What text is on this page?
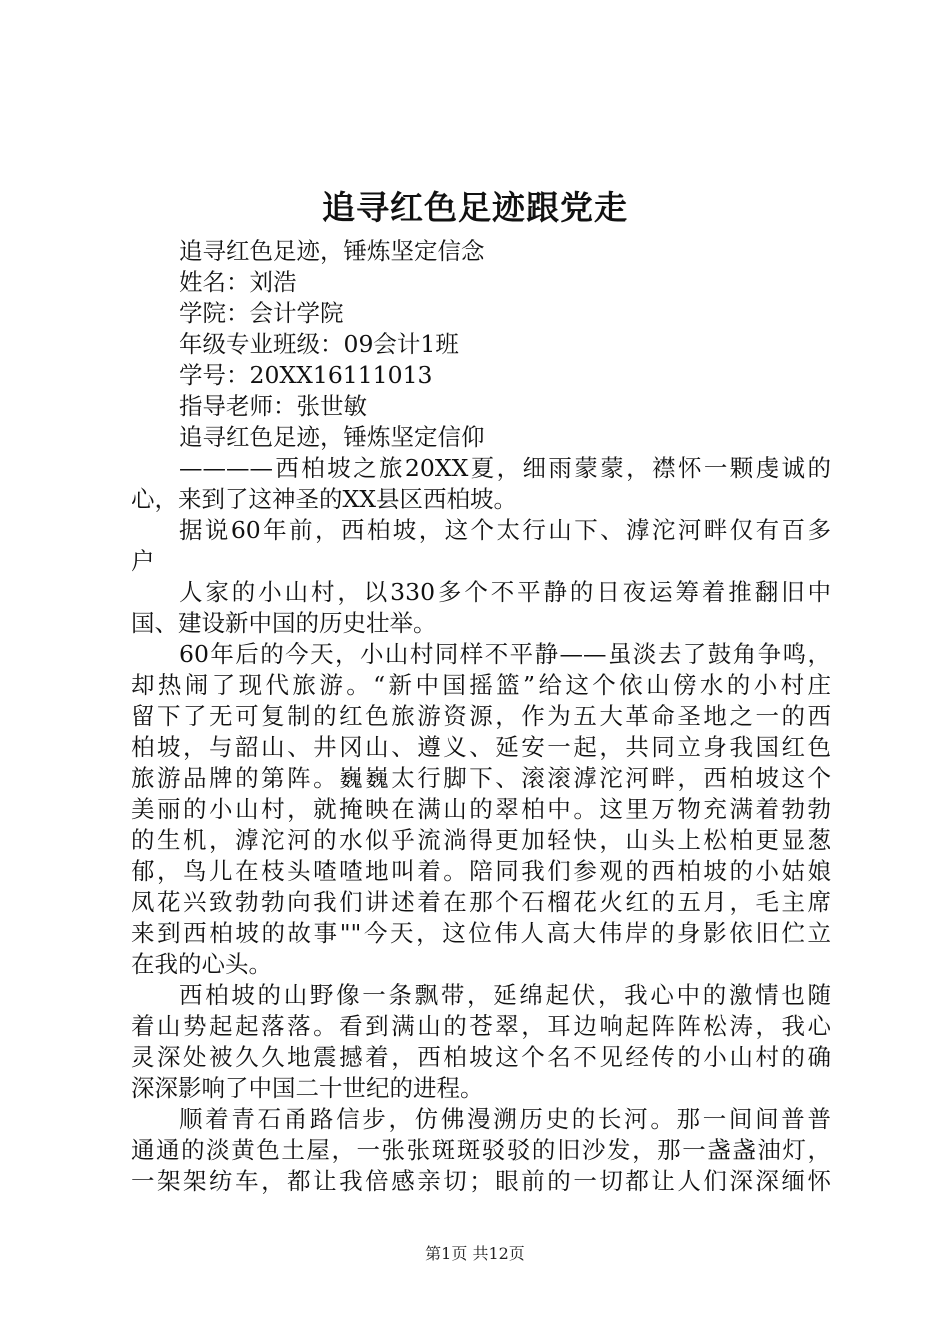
追寻红色足迹跟党走
追寻红色足迹，锤炼坚定信念
姓名：刘浩
学院：会计学院
年级专业班级：09会计1班
学号：20XX16111013
指导老师：张世敏
追寻红色足迹，锤炼坚定信仰
————西柏坡之旅20XX夏，细雨蒙蒙，襟怀一颗虔诚的
心，来到了这神圣的XX县区西柏坡。
据说60年前，西柏坡，这个太行山下、滹沱河畔仅有百多
户
人家的小山村，以330多个不平静的日夜运筹着推翻旧中
国、建设新中国的历史壮举。
60年后的今天，小山村同样不平静——虽淡去了鼓角争鸣，
却热闹了现代旅游。“新中国摇篮”给这个依山傍水的小村庄
留下了无可复制的红色旅游资源，作为五大革命圣地之一的西
柏坡，与韶山、井冈山、遵义、延安一起，共同立身我国红色
旅游品牌的第阵。巍巍太行脚下、滚滚滹沱河畔，西柏坡这个
美丽的小山村，就掩映在满山的翠柏中。这里万物充满着勃勃
的生机，滹沱河的水似乎流淌得更加轻快，山头上松柏更显葱
郁，鸟儿在枝头喳喳地叫着。陪同我们参观的西柏坡的小姑娘
凤花兴致勃勃向我们讲述着在那个石榴花火红的五月，毛主席
来到西柏坡的故事""今天，这位伟人高大伟岸的身影依旧伫立
在我的心头。
西柏坡的山野像一条飘带，延绵起伏，我心中的激情也随
着山势起起落落。看到满山的苍翠，耳边响起阵阵松涛，我心
灵深处被久久地震撼着，西柏坡这个名不见经传的小山村的确
深深影响了中国二十世纪的进程。
顺着青石甬路信步，仿佛漫溯历史的长河。那一间间普普
通通的淡黄色土屋，一张张斑斑驳驳的旧沙发，那一盏盏油灯，
一架架纺车，都让我倍感亲切；眼前的一切都让人们深深缅怀
第1页 共12页
